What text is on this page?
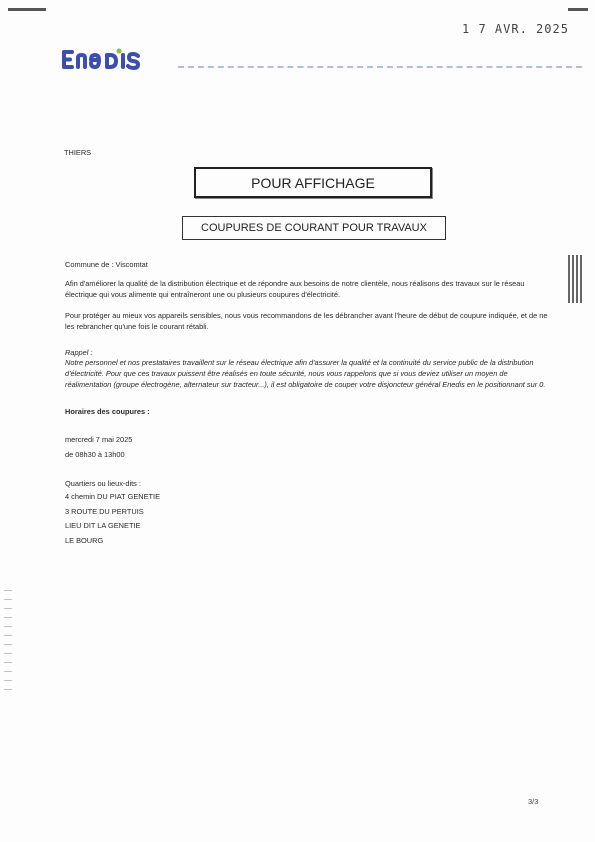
1 7 AVR. 2025
THIERS
POUR AFFICHAGE
COUPURES DE COURANT POUR TRAVAUX
Commune de : Viscomtat

Afin d'améliorer la qualité de la distribution électrique et de répondre aux besoins de notre clientèle, nous réalisons des travaux sur le réseau électrique qui vous alimente qui entraîneront une ou plusieurs coupures d'électricité.

Pour protéger au mieux vos appareils sensibles, nous vous recommandons de les débrancher avant l'heure de début de coupure indiquée, et de ne les rebrancher qu'une fois le courant rétabli.

Rappel :

Notre personnel et nos prestataires travaillent sur le réseau électrique afin d'assurer la qualité et la continuité du service public de la distribution d'électricité. Pour que ces travaux puissent être réalisés en toute sécurité, nous vous rappelons que si vous deviez utiliser un moyen de réalimentation (groupe électrogène, alternateur sur tracteur...), il est obligatoire de couper votre disjoncteur général Enedis en le positionnant sur 0.

Horaires des coupures :
mercredi 7 mai 2025
de 08h30 à 13h00
Quartiers ou lieux-dits :
4 chemin DU PIAT GENETIE
3 ROUTE DU PERTUIS
LIEU DIT LA GENETIE
LE BOURG
3/3
